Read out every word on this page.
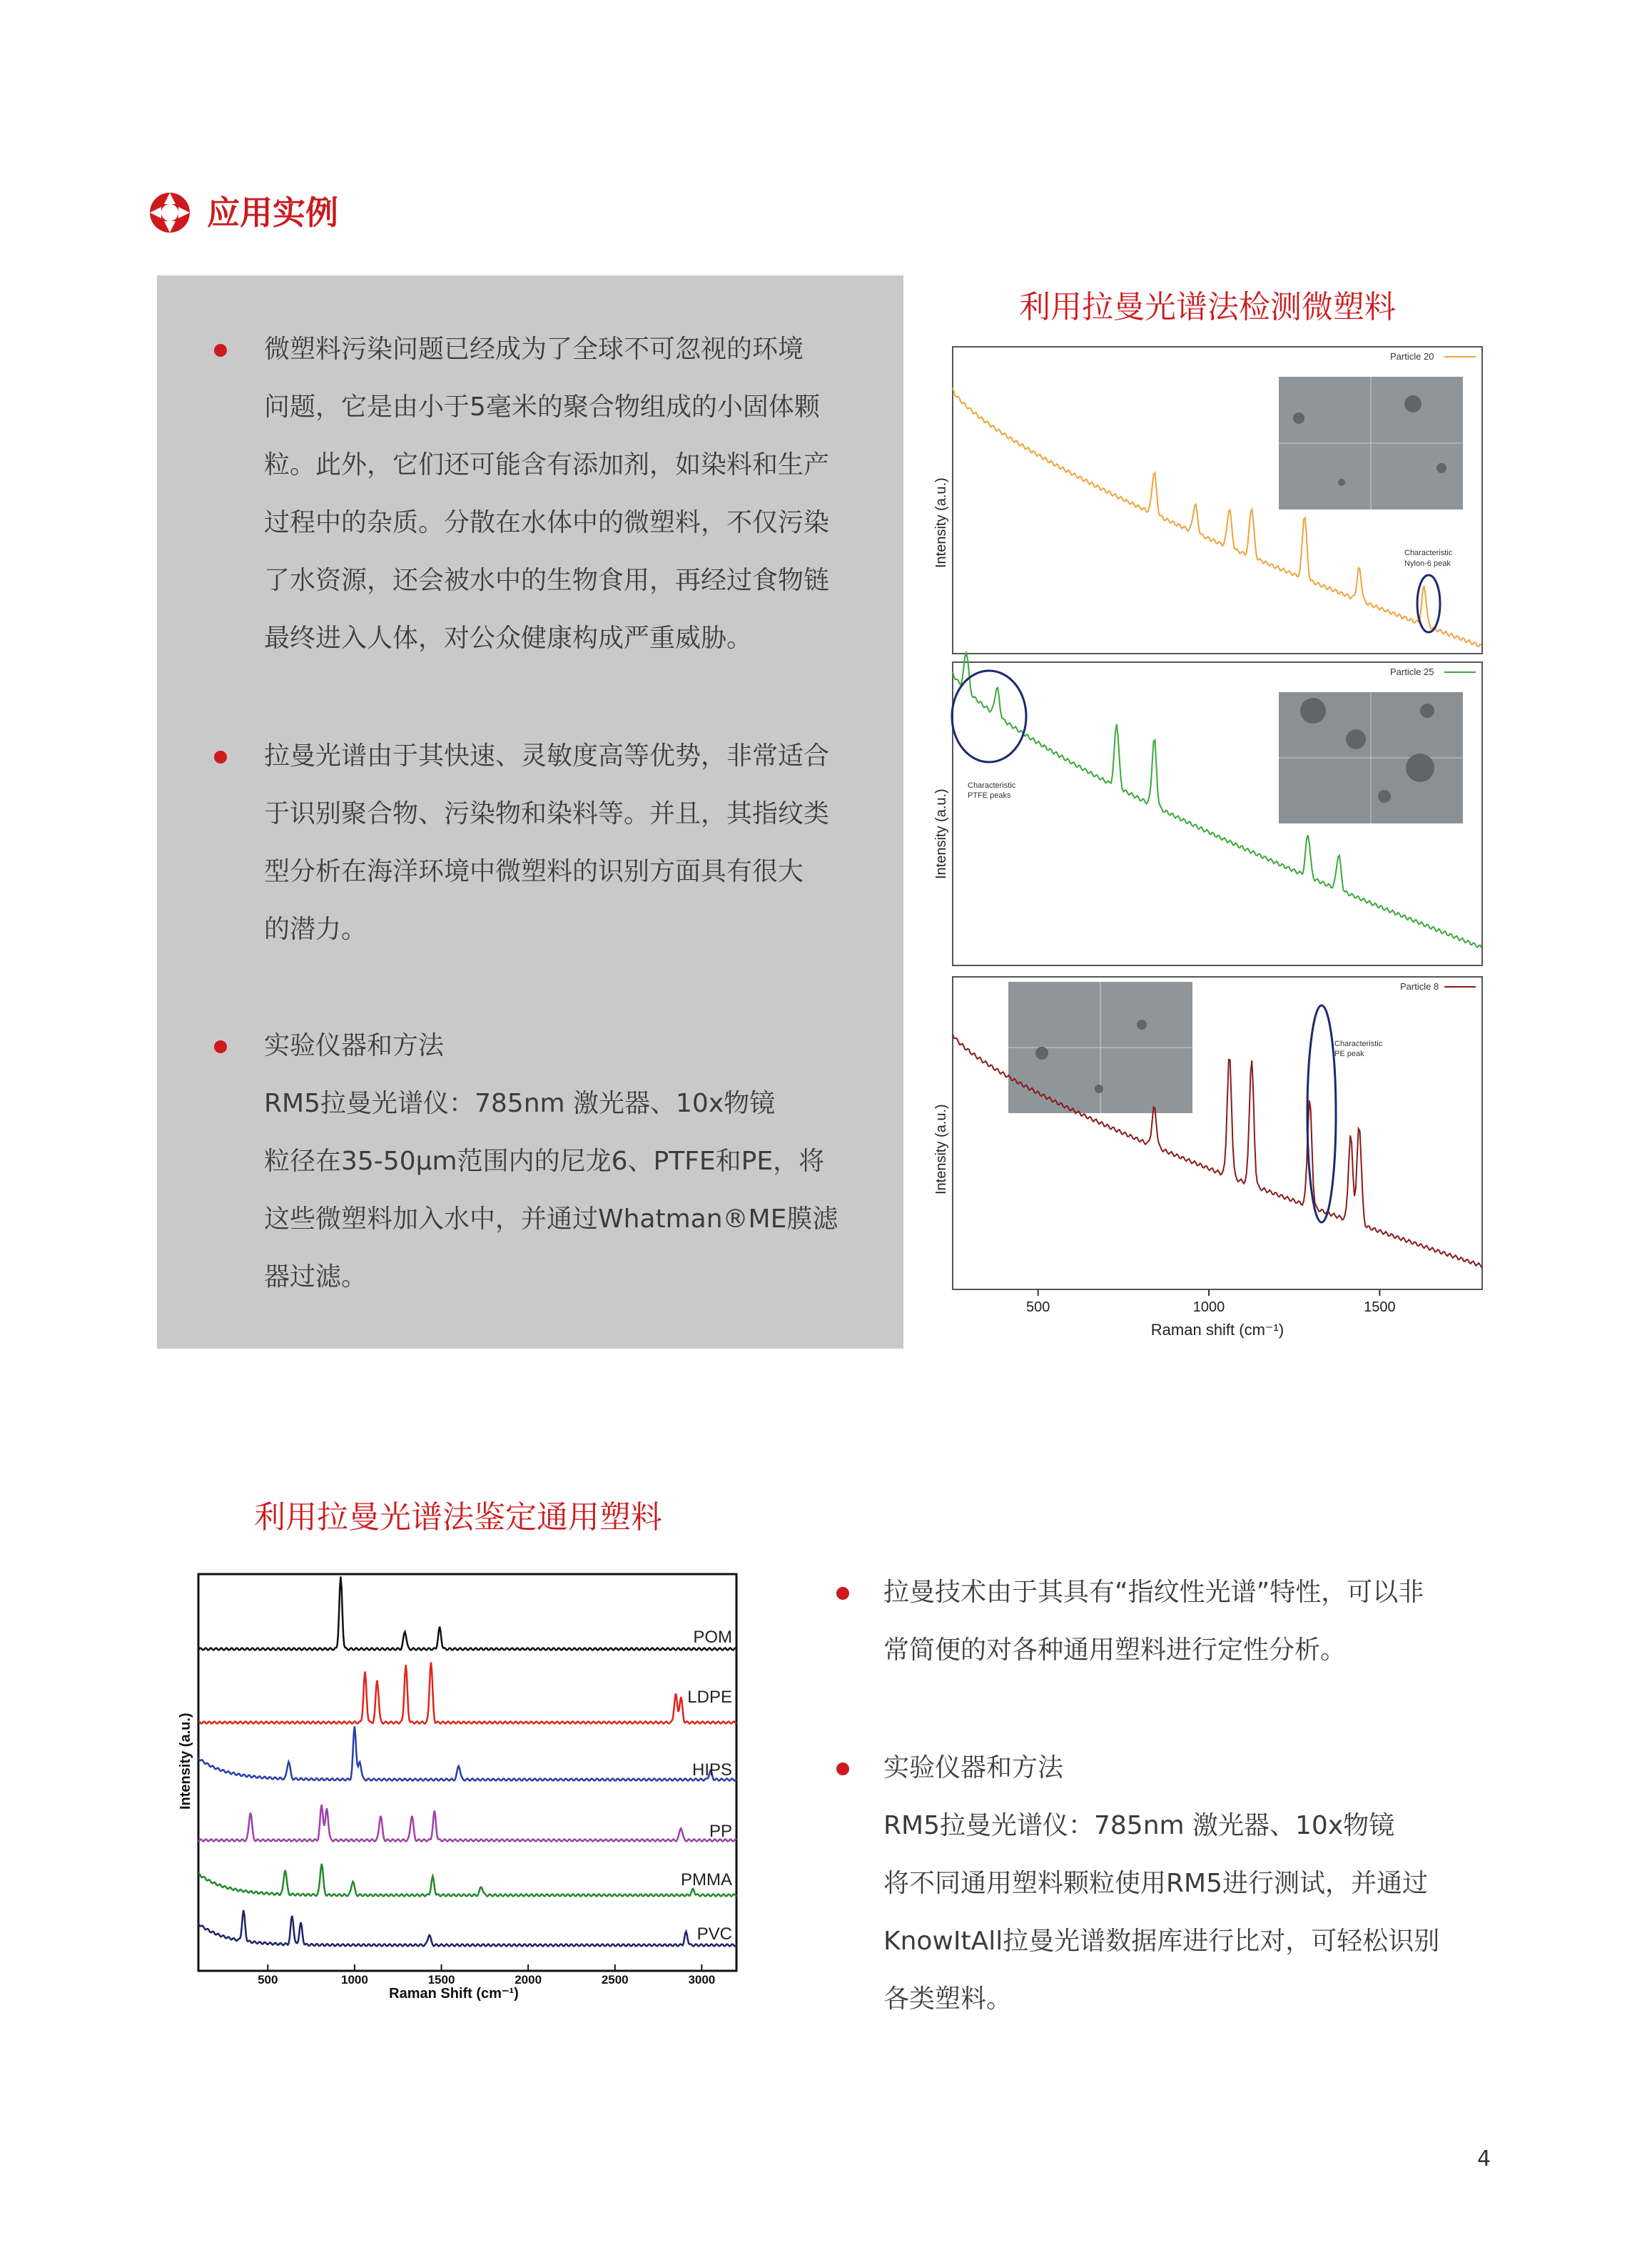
应用实例
微塑料污染问题已经成为了全球不可忽视的环境
问题，它是由小于5毫米的聚合物组成的小固体颗
粒。此外，它们还可能含有添加剂，如染料和生产
过程中的杂质。分散在水体中的微塑料，不仅污染
了水资源，还会被水中的生物食用，再经过食物链
最终进入人体，对公众健康构成严重威胁。
拉曼光谱由于其快速、灵敏度高等优势，非常适合
于识别聚合物、污染物和染料等。并且，其指纹类
型分析在海洋环境中微塑料的识别方面具有很大
的潜力。
实验仪器和方法
RM5拉曼光谱仪：785nm 激光器、10x物镜
粒径在35-50μm范围内的尼龙6、PTFE和PE，将
这些微塑料加入水中，并通过Whatman®ME膜滤
器过滤。
利用拉曼光谱法检测微塑料
Particle 20
Particle 25
Particle 8
Intensity (a.u.)
Intensity (a.u.)
Intensity (a.u.)
Characteristic
Nylon-6 peak
Characteristic
PTFE peaks
Characteristic
PE peak
500	1000	1500
Raman shift (cm⁻¹)
利用拉曼光谱法鉴定通用塑料
POM
LDPE
HIPS
PP
PMMA
PVC
500	1000	1500	2000	2500	3000
Intensity (a.u.)
Raman Shift (cm⁻¹)
拉曼技术由于其具有“指纹性光谱”特性，可以非
常简便的对各种通用塑料进行定性分析。
实验仪器和方法
RM5拉曼光谱仪：785nm 激光器、10x物镜
将不同通用塑料颗粒使用RM5进行测试，并通过
KnowItAll拉曼光谱数据库进行比对，可轻松识别
各类塑料。
4
